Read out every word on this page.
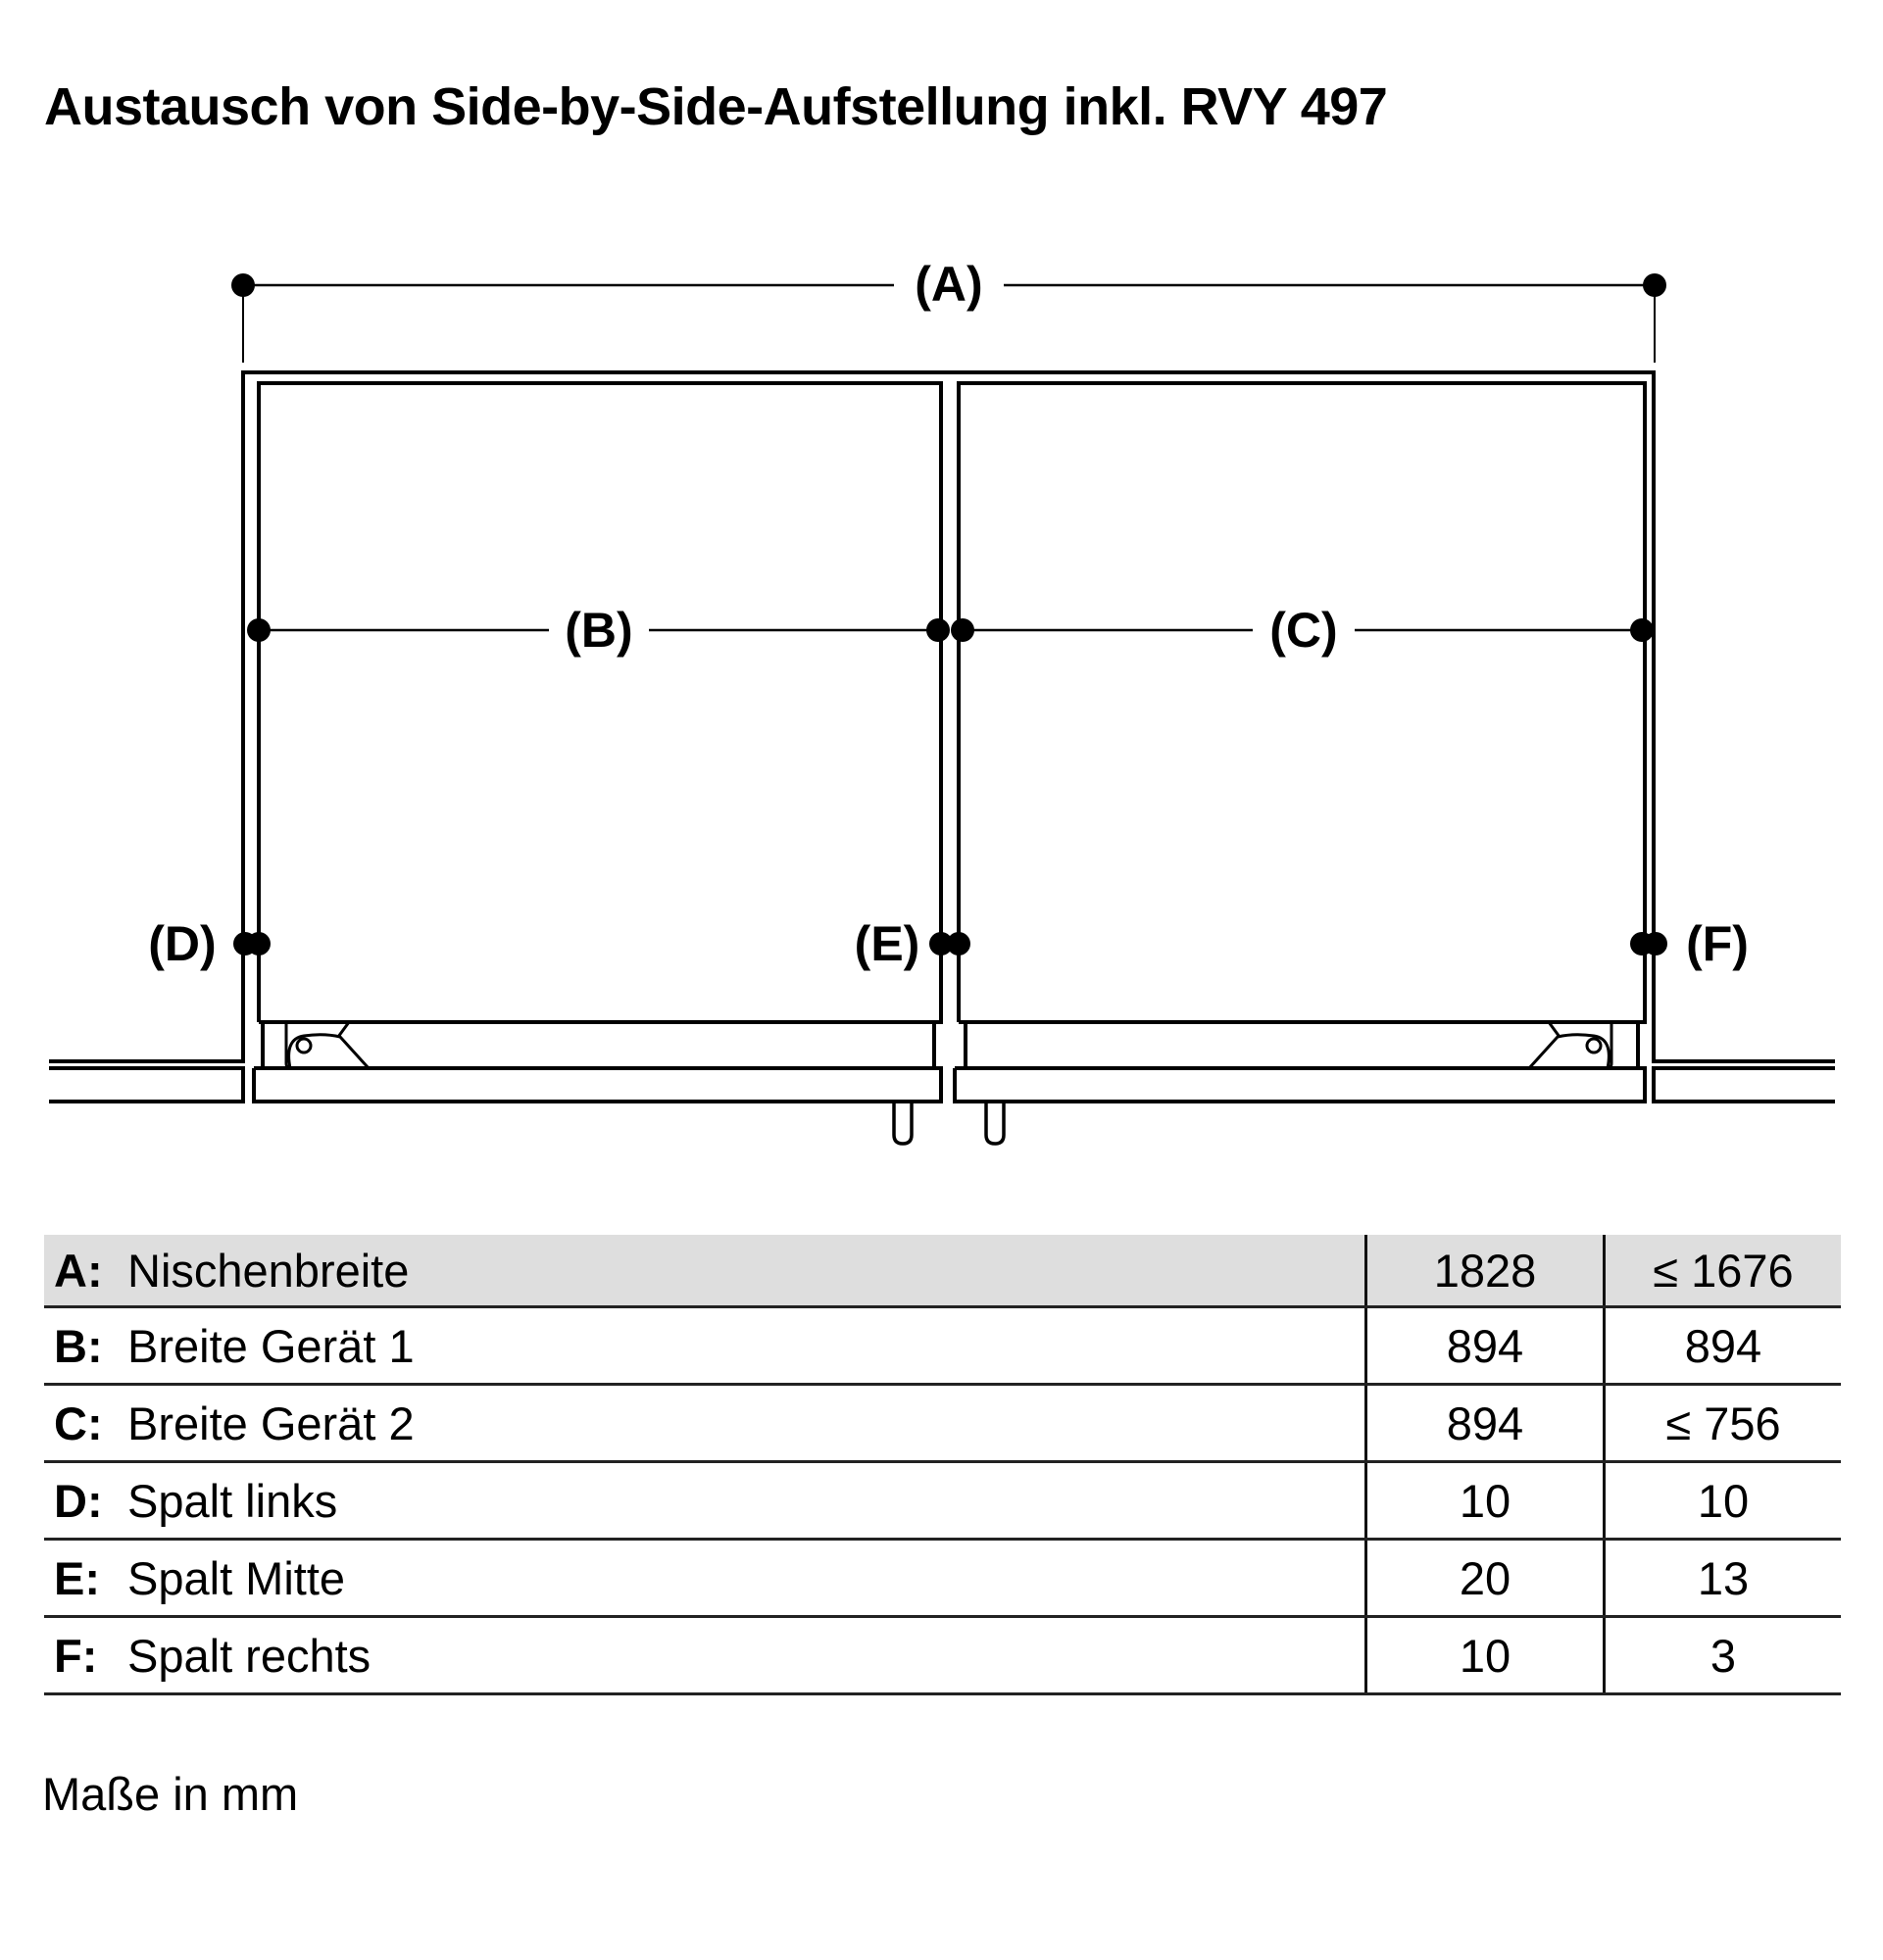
Austausch von Side-by-Side-Aufstellung inkl. RVY 497
(A)
(B)	(C)
(D)	(E)	(F)
A:	Nischenbreite	1828	≤ 1676
B:	Breite Gerät 1	894	894
C:	Breite Gerät 2	894	≤ 756
D:	Spalt links	10	10
E:	Spalt Mitte	20	13
F:	Spalt rechts	10	3
Maße in mm
